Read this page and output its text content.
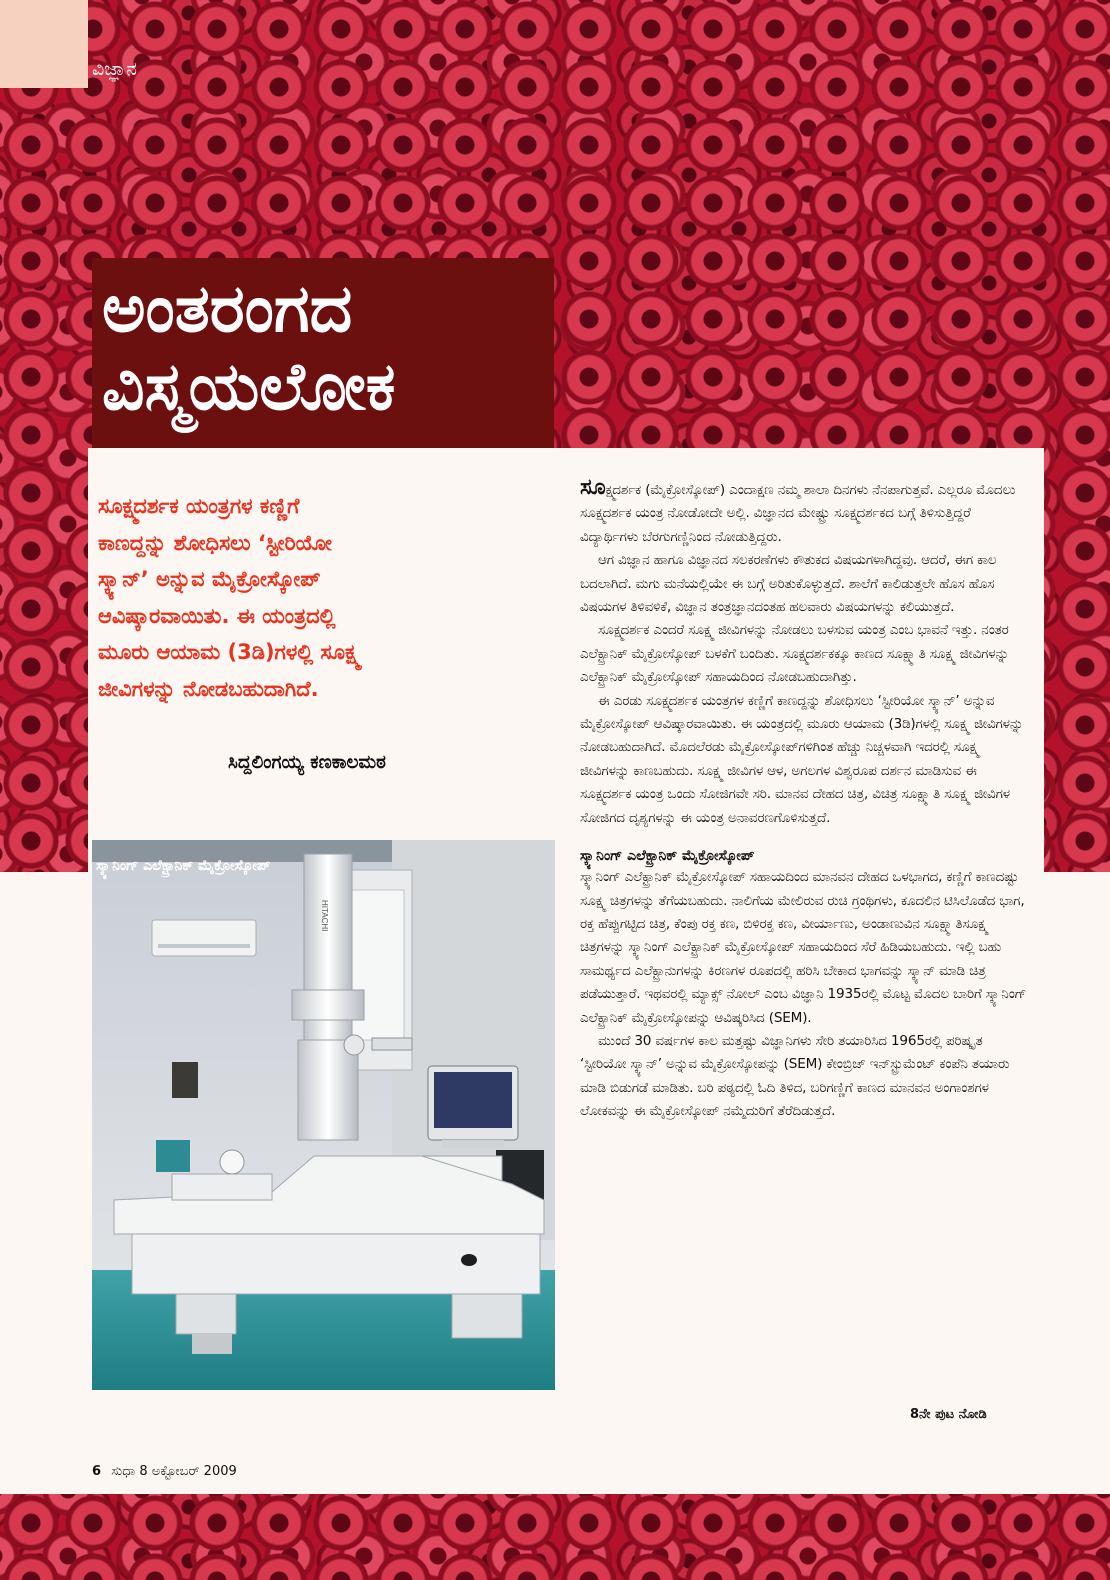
ವಿಜ್ಞಾನ
ಅಂತರಂಗದ
ವಿಸ್ಮಯಲೋಕ

ಸೂಕ್ಷ್ಮದರ್ಶಕ ಯಂತ್ರಗಳ ಕಣ್ಣಿಗೆ

ಕಾಣದ್ದನ್ನು ಶೋಧಿಸಲು ‘ಸ್ಟೀರಿಯೋ

ಸ್ಕ್ಯಾನ್’ ಅನ್ನುವ ಮೈಕ್ರೋಸ್ಕೋಪ್

ಆವಿಷ್ಕಾರವಾಯಿತು. ಈ ಯಂತ್ರದಲ್ಲಿ

ಮೂರು ಆಯಾಮ (3ಡಿ)ಗಳಲ್ಲಿ ಸೂಕ್ಷ್ಮ

ಜೀವಿಗಳನ್ನು ನೋಡಬಹುದಾಗಿದೆ.

ಸಿದ್ದಲಿಂಗಯ್ಯ ಕಣಕಾಲಮಠ
HITACHI
ಸ್ಕ್ಯಾನಿಂಗ್ ಎಲೆಕ್ಟ್ರಾನಿಕ್ ಮೈಕ್ರೋಸ್ಕೋಪ್

ಸೂಕ್ಷ್ಮದರ್ಶಕ (ಮೈಕ್ರೋಸ್ಕೋಪ್) ಎಂದಾಕ್ಷಣ ನಮ್ಮ ಶಾಲಾ ದಿನಗಳು ನೆನಪಾಗುತ್ತವೆ. ಎಲ್ಲರೂ ಮೊದಲು ಸೂಕ್ಷ್ಮದರ್ಶಕ ಯಂತ್ರ ನೋಡೋದೇ ಅಲ್ಲಿ. ವಿಜ್ಞಾನದ ಮೇಷ್ಟ್ರು ಸೂಕ್ಷ್ಮದರ್ಶಕದ ಬಗ್ಗೆ ತಿಳಿಸುತ್ತಿದ್ದರೆ ವಿದ್ಯಾರ್ಥಿಗಳು ಬೆರಗುಗಣ್ಣಿನಿಂದ ನೋಡುತ್ತಿದ್ದರು.

ಆಗ ವಿಜ್ಞಾನ ಹಾಗೂ ವಿಜ್ಞಾನದ ಸಲಕರಣೆಗಳು ಕೌತುಕದ ವಿಷಯಗಳಾಗಿದ್ದವು. ಆದರೆ, ಈಗ ಕಾಲ ಬದಲಾಗಿದೆ. ಮಗು ಮನೆಯಲ್ಲಿಯೇ ಈ ಬಗ್ಗೆ ಅರಿತುಕೊಳ್ಳುತ್ತದೆ. ಶಾಲೆಗೆ ಕಾಲಿಡುತ್ತಲೇ ಹೊಸ ಹೊಸ ವಿಷಯಗಳ ತಿಳಿವಳಿಕೆ, ವಿಜ್ಞಾನ ತಂತ್ರಜ್ಞಾನದಂತಹ ಹಲವಾರು ವಿಷಯಗಳನ್ನು ಕಲಿಯುತ್ತದೆ.

ಸೂಕ್ಷ್ಮದರ್ಶಕ ಎಂದರೆ ಸೂಕ್ಷ್ಮ ಜೀವಿಗಳನ್ನು ನೋಡಲು ಬಳಸುವ ಯಂತ್ರ ಎಂಬ ಭಾವನೆ ಇತ್ತು. ನಂತರ ಎಲೆಕ್ಟ್ರಾನಿಕ್ ಮೈಕ್ರೋಸ್ಕೋಪ್ ಬಳಕೆಗೆ ಬಂದಿತು. ಸೂಕ್ಷ್ಮದರ್ಶಕಕ್ಕೂ ಕಾಣದ ಸೂಕ್ಷ್ಮಾತಿ ಸೂಕ್ಷ್ಮ ಜೀವಿಗಳನ್ನು ಎಲೆಕ್ಟ್ರಾನಿಕ್ ಮೈಕ್ರೋಸ್ಕೋಪ್ ಸಹಾಯದಿಂದ ನೋಡಬಹುದಾಗಿತ್ತು.

ಈ ಎರಡು ಸೂಕ್ಷ್ಮದರ್ಶಕ ಯಂತ್ರಗಳ ಕಣ್ಣಿಗೆ ಕಾಣದ್ದನ್ನು ಶೋಧಿಸಲು ‘ಸ್ಟೀರಿಯೋ ಸ್ಕ್ಯಾನ್’ ಅನ್ನುವ ಮೈಕ್ರೋಸ್ಕೋಪ್ ಆವಿಷ್ಕಾರವಾಯಿತು. ಈ ಯಂತ್ರದಲ್ಲಿ ಮೂರು ಆಯಾಮ (3ಡಿ)ಗಳಲ್ಲಿ ಸೂಕ್ಷ್ಮ ಜೀವಿಗಳನ್ನು ನೋಡಬಹುದಾಗಿದೆ. ಮೊದಲೆರಡು ಮೈಕ್ರೋಸ್ಕೋಪ್‌ಗಳಿಗಿಂತ ಹೆಚ್ಚು ನಿಚ್ಚಳವಾಗಿ ಇದರಲ್ಲಿ ಸೂಕ್ಷ್ಮ ಜೀವಿಗಳನ್ನು ಕಾಣಬಹುದು. ಸೂಕ್ಷ್ಮ ಜೀವಿಗಳ ಆಳ, ಅಗಲಗಳ ವಿಶ್ವರೂಪ ದರ್ಶನ ಮಾಡಿಸುವ ಈ ಸೂಕ್ಷ್ಮದರ್ಶಕ ಯಂತ್ರ ಒಂದು ಸೋಜಿಗವೇ ಸರಿ. ಮಾನವ ದೇಹದ ಚಿತ್ರ, ವಿಚಿತ್ರ ಸೂಕ್ಷ್ಮಾತಿ ಸೂಕ್ಷ್ಮ ಜೀವಿಗಳ ಸೋಜಿಗದ ದೃಶ್ಯಗಳನ್ನು ಈ ಯಂತ್ರ ಅನಾವರಣಗೊಳಿಸುತ್ತದೆ.

ಸ್ಕ್ಯಾನಿಂಗ್ ಎಲೆಕ್ಟ್ರಾನಿಕ್ ಮೈಕ್ರೋಸ್ಕೋಪ್

ಸ್ಕ್ಯಾನಿಂಗ್ ಎಲೆಕ್ಟ್ರಾನಿಕ್ ಮೈಕ್ರೋಸ್ಕೋಪ್ ಸಹಾಯದಿಂದ ಮಾನವನ ದೇಹದ ಒಳಭಾಗದ, ಕಣ್ಣಿಗೆ ಕಾಣದಷ್ಟು ಸೂಕ್ಷ್ಮ ಚಿತ್ರಗಳನ್ನು ತೆಗೆಯಬಹುದು. ನಾಲಿಗೆಯ ಮೇಲಿರುವ ರುಚಿ ಗ್ರಂಥಿಗಳು, ಕೂದಲಿನ ಟಿಸಿಲೊಡೆದ ಭಾಗ, ರಕ್ತ ಹೆಪ್ಪುಗಟ್ಟಿದ ಚಿತ್ರ, ಕೆಂಪು ರಕ್ತ ಕಣ, ಬಿಳಿರಕ್ತ ಕಣ, ವೀರ್ಯಾಣು, ಅಂಡಾಣುವಿನ ಸೂಕ್ಷ್ಮಾತಿಸೂಕ್ಷ್ಮ ಚಿತ್ರಗಳನ್ನು ಸ್ಕ್ಯಾನಿಂಗ್ ಎಲೆಕ್ಟ್ರಾನಿಕ್ ಮೈಕ್ರೋಸ್ಕೋಪ್ ಸಹಾಯದಿಂದ ಸೆರೆ ಹಿಡಿಯಬಹುದು. ಇಲ್ಲಿ ಬಹು ಸಾಮರ್ಥ್ಯದ ಎಲೆಕ್ಟ್ರಾನುಗಳನ್ನು ಕಿರಣಗಳ ರೂಪದಲ್ಲಿ ಹರಿಸಿ ಬೇಕಾದ ಭಾಗವನ್ನು ಸ್ಕ್ಯಾನ್ ಮಾಡಿ ಚಿತ್ರ ಪಡೆಯುತ್ತಾರೆ. ಇಥವರಲ್ಲಿ ಮ್ಯಾಕ್ಸ್ ನೋಲ್ ಎಂಬ ವಿಜ್ಞಾನಿ 1935ರಲ್ಲಿ ಮೊಟ್ಟ ಮೊದಲ ಬಾರಿಗೆ ಸ್ಕ್ಯಾನಿಂಗ್ ಎಲೆಕ್ಟ್ರಾನಿಕ್ ಮೈಕ್ರೋಸ್ಕೋಪನ್ನು ಆವಿಷ್ಕರಿಸಿದ (SEM).

ಮುಂದೆ 30 ವರ್ಷಗಳ ಕಾಲ ಮತ್ತಷ್ಟು ವಿಜ್ಞಾನಿಗಳು ಸೇರಿ ತಯಾರಿಸಿದ 1965ರಲ್ಲಿ ಪರಿಷ್ಕೃತ ‘ಸ್ಟೀರಿಯೋ ಸ್ಕ್ಯಾನ್’ ಅನ್ನುವ ಮೈಕ್ರೋಸ್ಕೋಪನ್ನು (SEM) ಕೇಂಬ್ರಿಜ್ ಇನ್‌ಸ್ಟ್ರುಮೆಂಟ್ ಕಂಪೆನಿ ತಯಾರು ಮಾಡಿ ಬಿಡುಗಡೆ ಮಾಡಿತು. ಬರಿ ಪಠ್ಯದಲ್ಲಿ ಓದಿ ತಿಳಿದ, ಬರಿಗಣ್ಣಿಗೆ ಕಾಣದ ಮಾನವನ ಅಂಗಾಂಶಗಳ ಲೋಕವನ್ನು ಈ ಮೈಕ್ರೋಸ್ಕೋಪ್ ನಮ್ಮೆದುರಿಗೆ ತೆರೆದಿಡುತ್ತದೆ.

8ನೇ ಪುಟ ನೋಡಿ
6 ಸುಧಾ 8 ಅಕ್ಟೋಬರ್ 2009
